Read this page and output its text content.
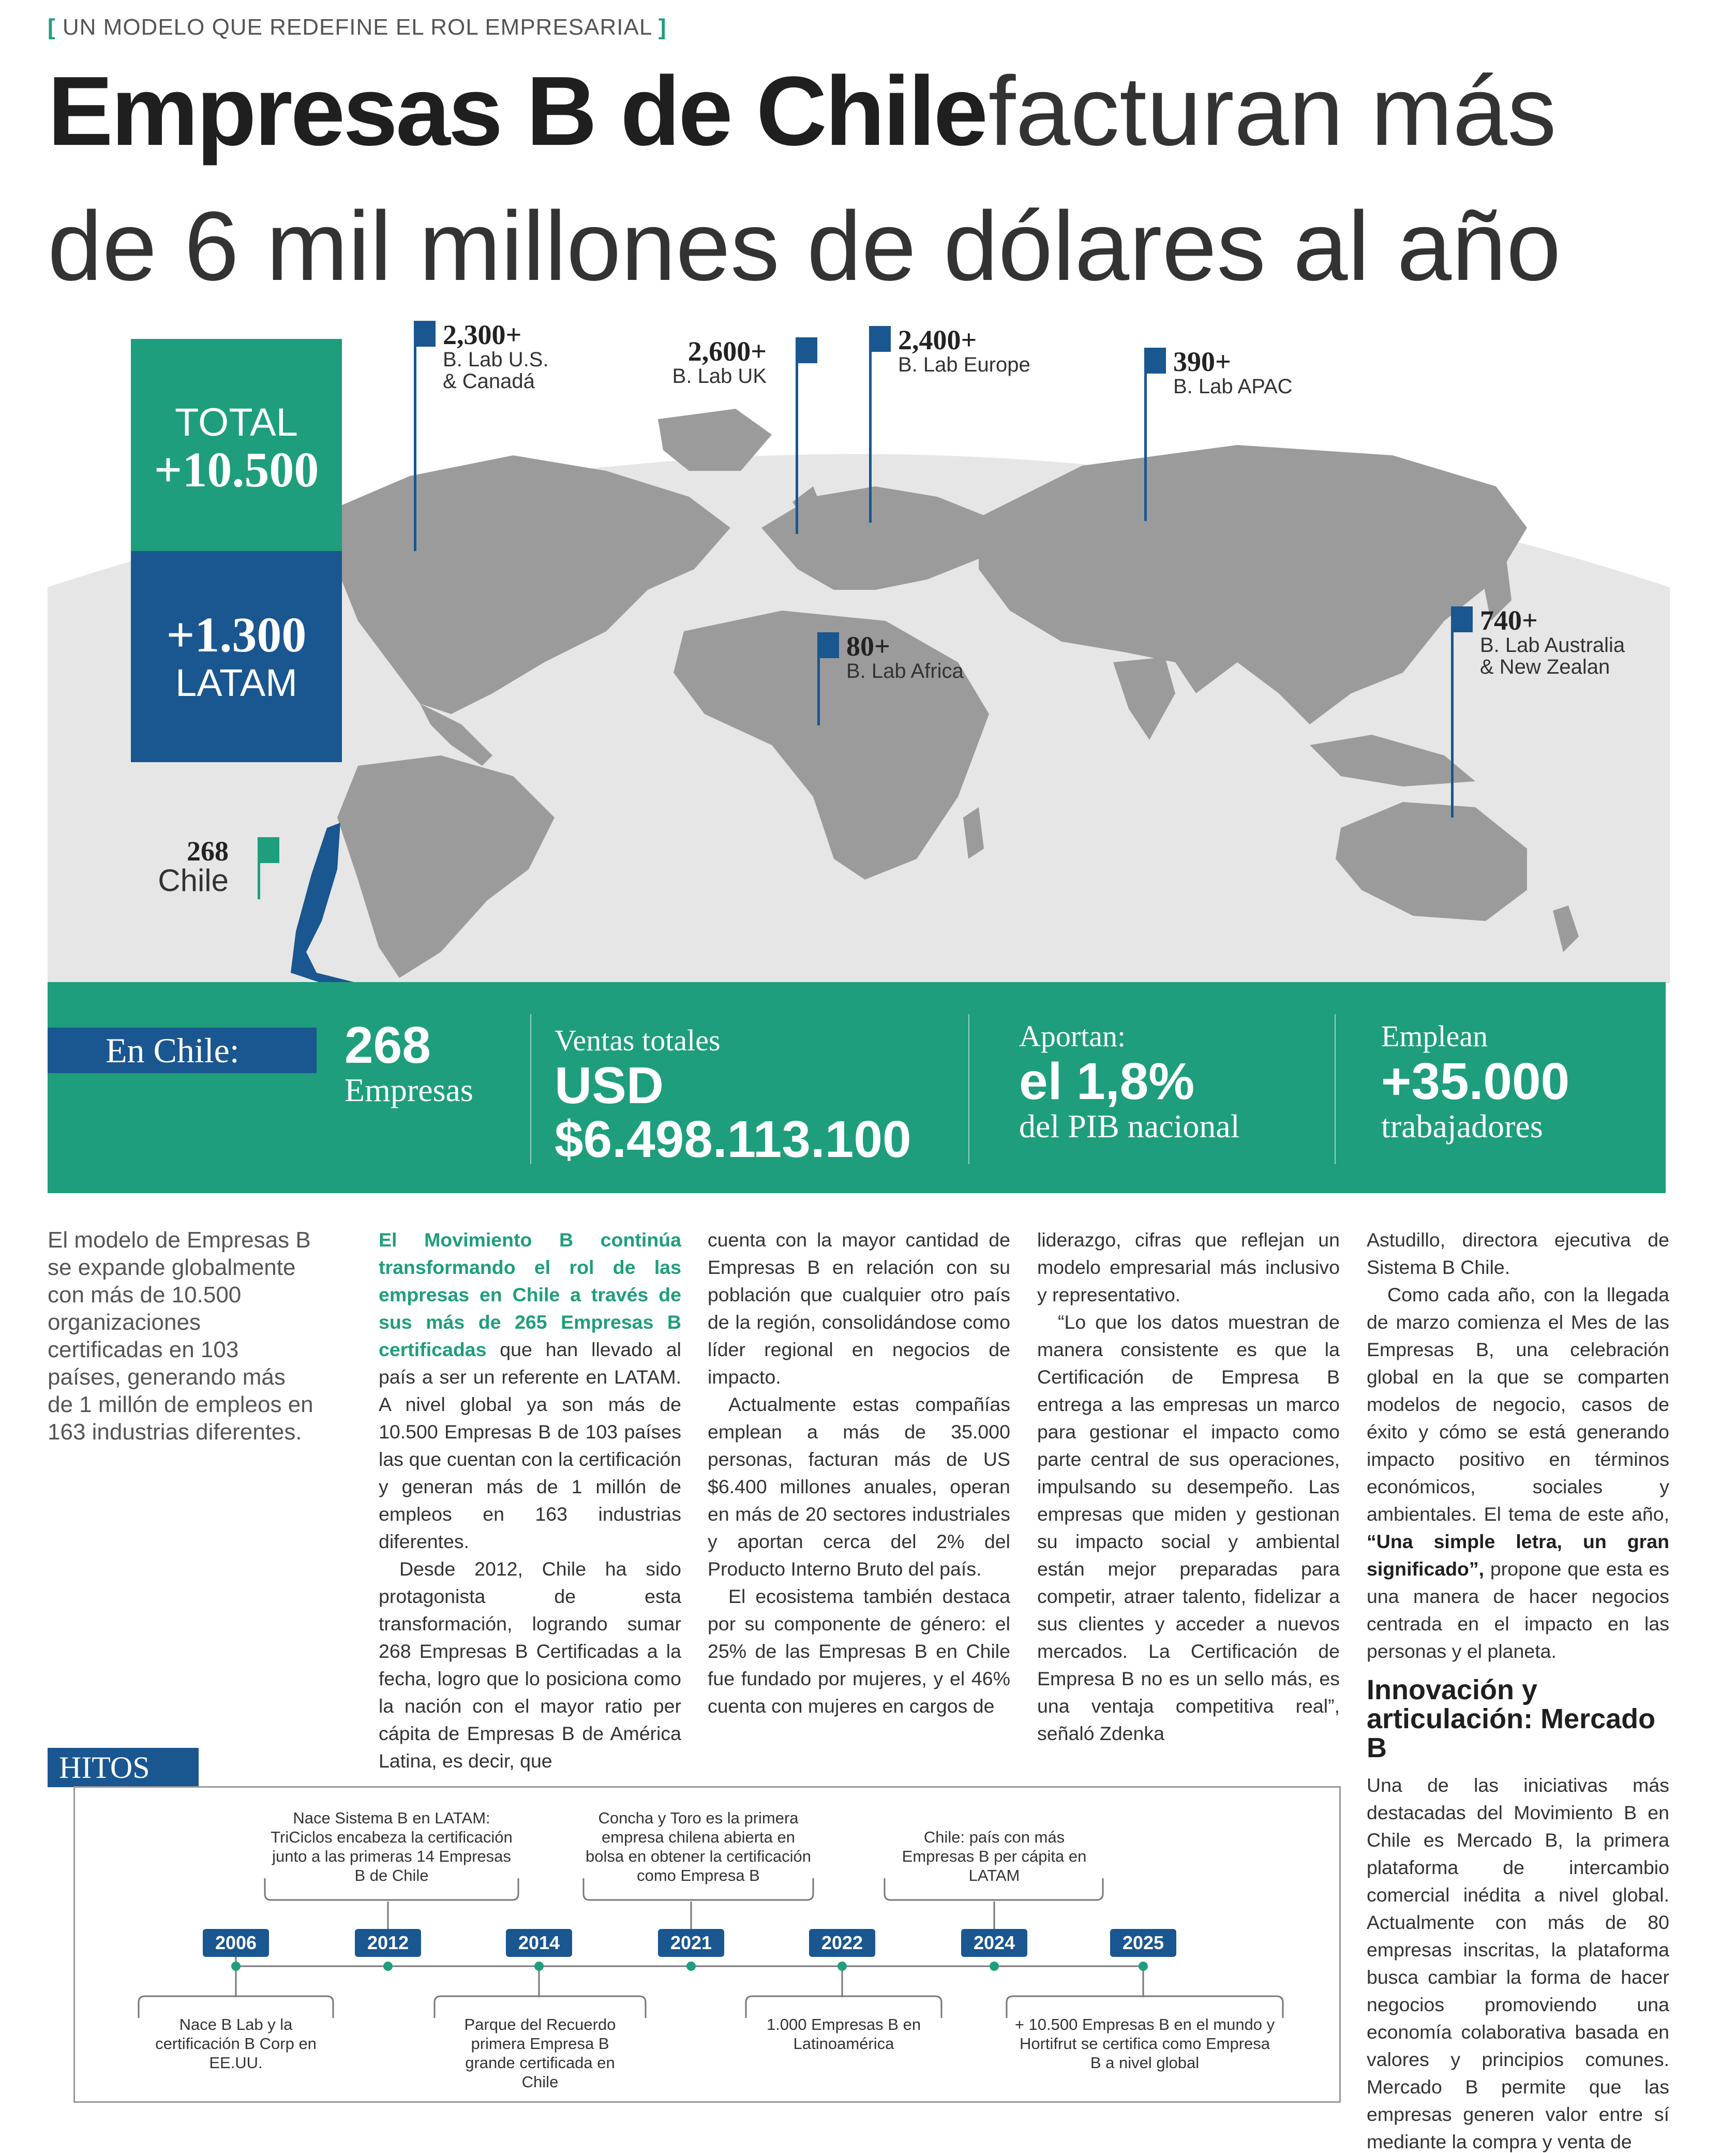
[ UN MODELO QUE REDEFINE EL ROL EMPRESARIAL ]
Empresas B de Chile facturan más
de 6 mil millones de dólares al año
TOTAL
+10.500
+1.300
LATAM
2,300+
B. Lab U.S.
& Canadá
2,600+
B. Lab UK
2,400+
B. Lab Europe	390+
B. Lab APAC
80+
B. Lab Africa
740+
B. Lab Australia
& New Zealan
268
Chile
En Chile:	268
Empresas
Ventas totales
USD
$6.498.113.100
Aportan:
el 1,8%
del PIB nacional
Emplean
+35.000
trabajadores
El modelo de Empresas B se expande globalmente con más de 10.500 organizaciones certificadas en 103 países, generando más de 1 millón de empleos en 163 industrias diferentes.

El Movimiento B continúa transformando el rol de las empresas en Chile a través de sus más de 265 Empresas B certificadas que han llevado al país a ser un referente en LATAM. A nivel global ya son más de 10.500 Empresas B de 103 países las que cuentan con la certificación y generan más de 1 millón de empleos en 163 industrias diferentes.

Desde 2012, Chile ha sido protagonista de esta transformación, logrando sumar 268 Empresas B Certificadas a la fecha, logro que lo posiciona como la nación con el mayor ratio per cápita de Empresas B de América Latina, es decir, que

cuenta con la mayor cantidad de Empresas B en relación con su población que cualquier otro país de la región, consolidándose como líder regional en negocios de impacto.

Actualmente estas compañías emplean a más de 35.000 personas, facturan más de US $6.400 millones anuales, operan en más de 20 sectores industriales y aportan cerca del 2% del Producto Interno Bruto del país.

El ecosistema también destaca por su componente de género: el 25% de las Empresas B en Chile fue fundado por mujeres, y el 46% cuenta con mujeres en cargos de

liderazgo, cifras que reflejan un modelo empresarial más inclusivo y representativo.

“Lo que los datos muestran de manera consistente es que la Certificación de Empresa B entrega a las empresas un marco para gestionar el impacto como parte central de sus operaciones, impulsando su desempeño. Las empresas que miden y gestionan su impacto social y ambiental están mejor preparadas para competir, atraer talento, fidelizar a sus clientes y acceder a nuevos mercados. La Certificación de Empresa B no es un sello más, es una ventaja competitiva real”, señaló Zdenka

Astudillo, directora ejecutiva de Sistema B Chile.

Como cada año, con la llegada de marzo comienza el Mes de las Empresas B, una celebración global en la que se comparten modelos de negocio, casos de éxito y cómo se está generando impacto positivo en términos económicos, sociales y ambientales. El tema de este año, “Una simple letra, un gran significado”, propone que esta es una manera de hacer negocios centrada en el impacto en las personas y el planeta.

Innovación y articulación: Mercado B

Una de las iniciativas más destacadas del Movimiento B en Chile es Mercado B, la primera plataforma de intercambio comercial inédita a nivel global. Actualmente con más de 80 empresas inscritas, la plataforma busca cambiar la forma de hacer negocios promoviendo una economía colaborativa basada en valores y principios comunes. Mercado B permite que las empresas generen valor entre sí mediante la compra y venta de

HITOS
2006	2012	2014	2021	2022	2024	2025
Nace Sistema B en LATAM: TriCiclos encabeza la certificación junto a las primeras 14 Empresas B de Chile
Concha y Toro es la primera empresa chilena abierta en bolsa en obtener la certificación como Empresa B
Chile: país con más Empresas B per cápita en LATAM
Nace B Lab y la certificación B Corp en EE.UU.
Parque del Recuerdo primera Empresa B grande certificada en Chile
1.000 Empresas B en Latinoamérica
+ 10.500 Empresas B en el mundo y Hortifrut se certifica como Empresa B a nivel global
